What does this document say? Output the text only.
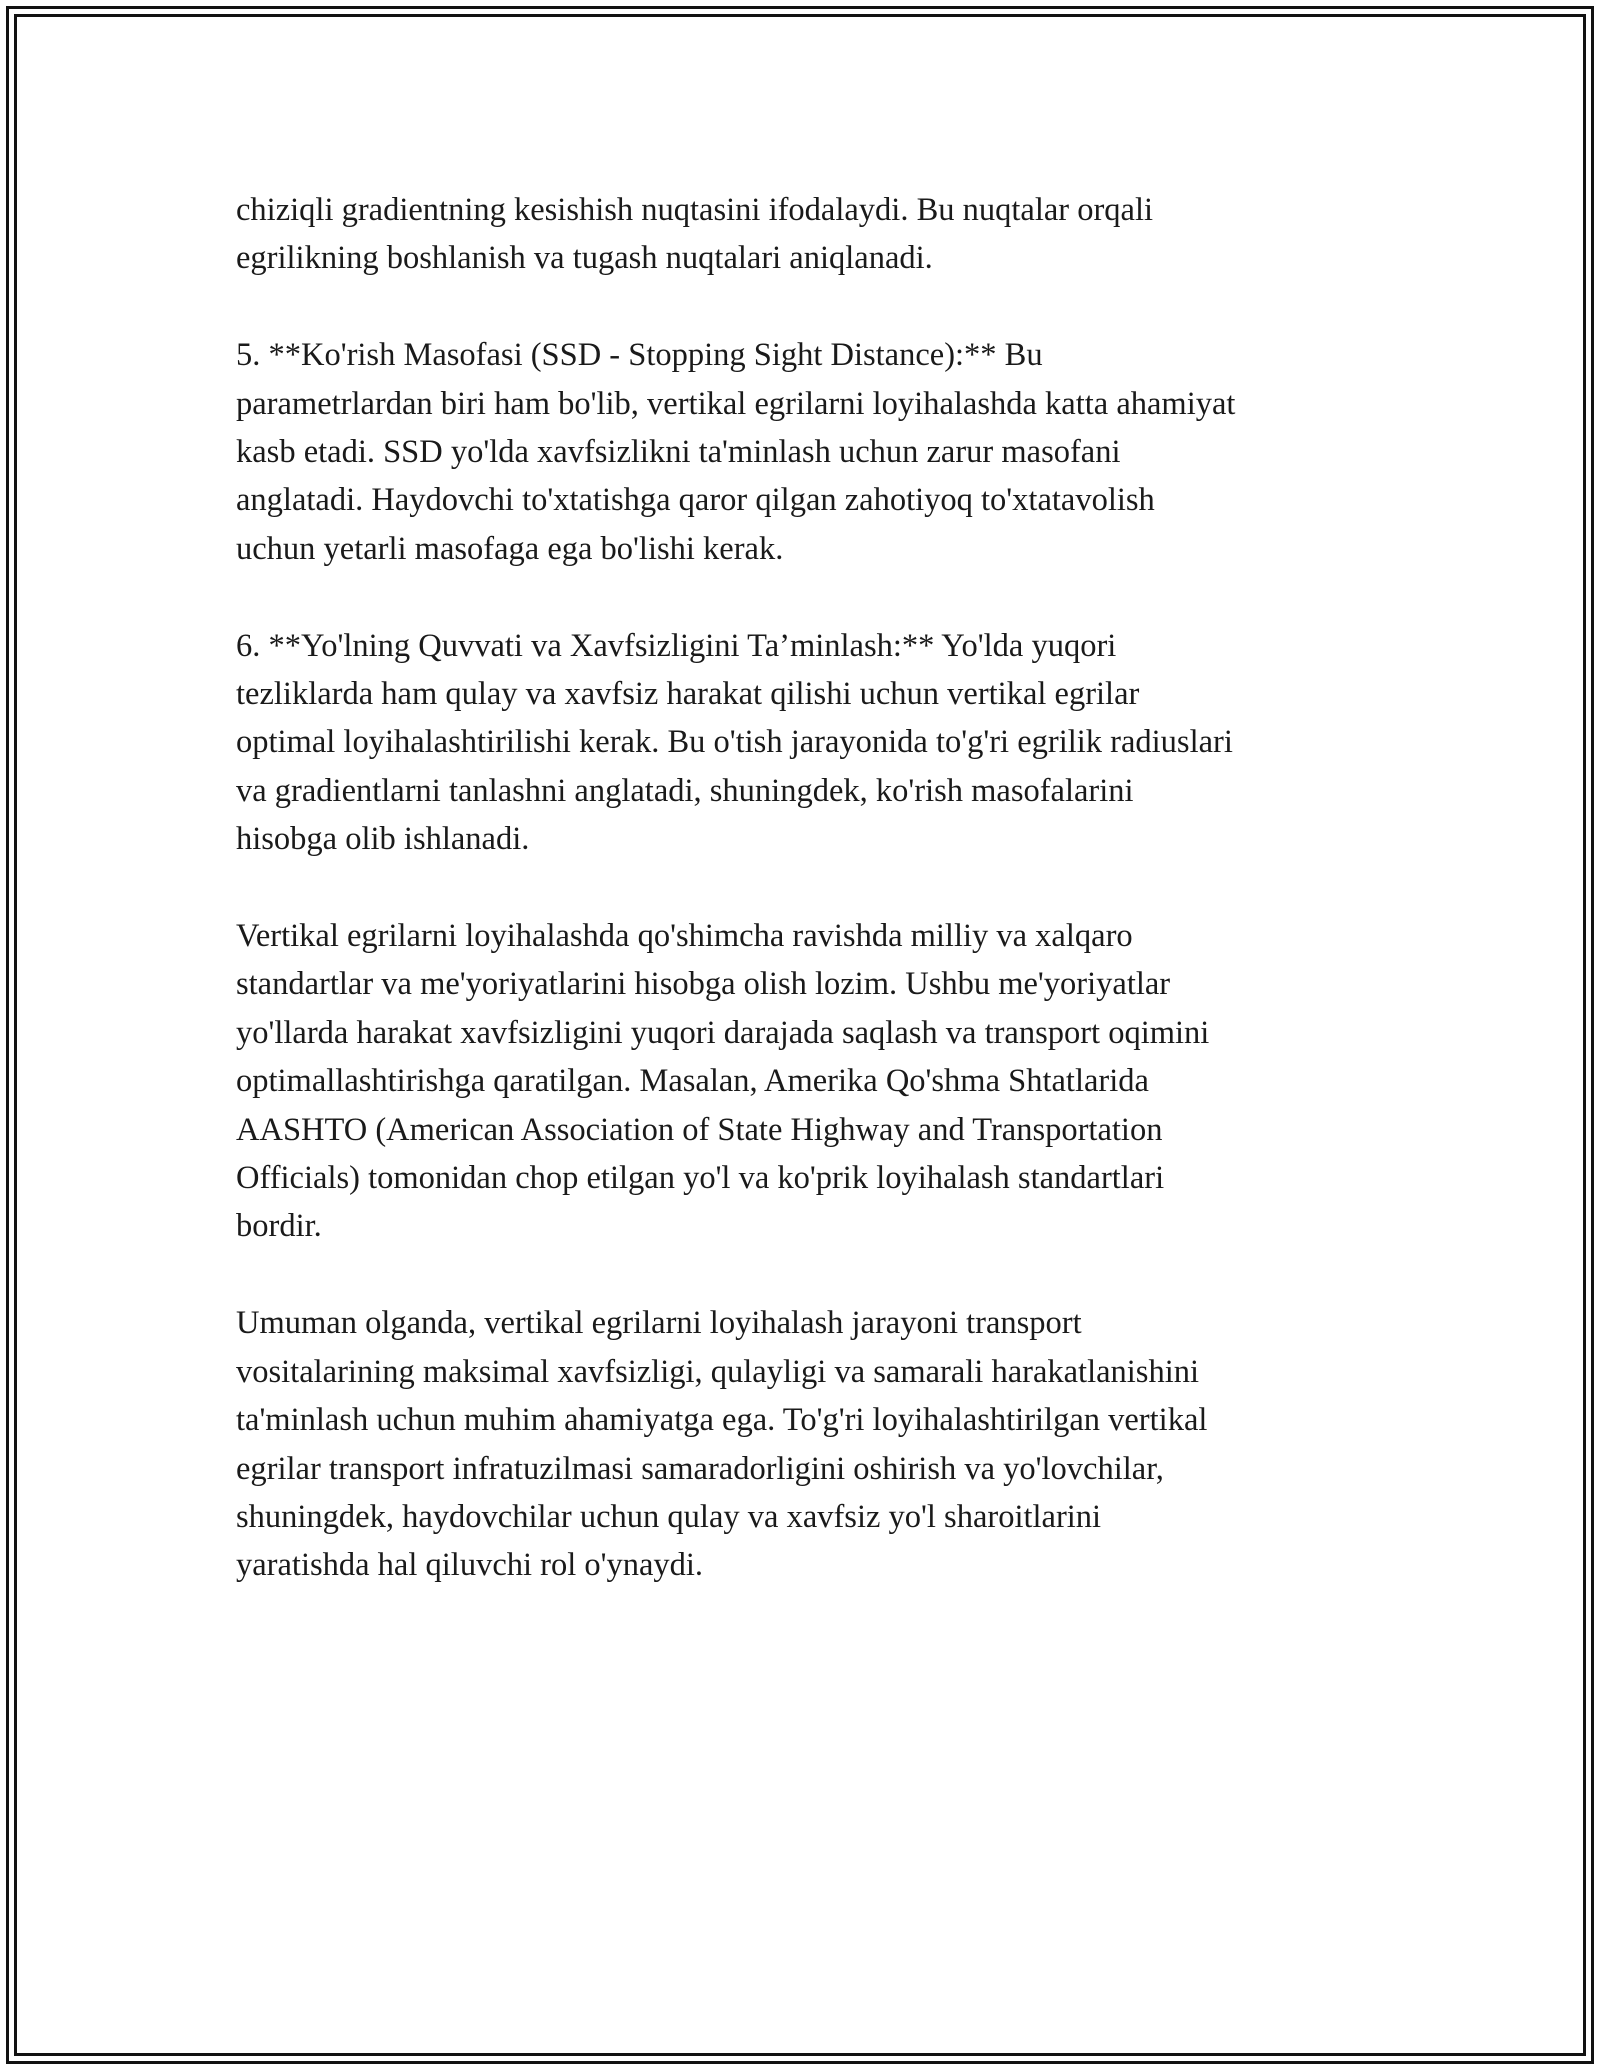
chiziqli gradientning kesishish nuqtasini ifodalaydi. Bu nuqtalar orqali
egrilikning boshlanish va tugash nuqtalari aniqlanadi.
5. **Ko'rish Masofasi (SSD - Stopping Sight Distance):** Bu
parametrlardan biri ham bo'lib, vertikal egrilarni loyihalashda katta ahamiyat
kasb etadi. SSD yo'lda xavfsizlikni ta'minlash uchun zarur masofani
anglatadi. Haydovchi to'xtatishga qaror qilgan zahotiyoq to'xtatavolish
uchun yetarli masofaga ega bo'lishi kerak.
6. **Yo'lning Quvvati va Xavfsizligini Ta’minlash:** Yo'lda yuqori
tezliklarda ham qulay va xavfsiz harakat qilishi uchun vertikal egrilar
optimal loyihalashtirilishi kerak. Bu o'tish jarayonida to'g'ri egrilik radiuslari
va gradientlarni tanlashni anglatadi, shuningdek, ko'rish masofalarini
hisobga olib ishlanadi.
Vertikal egrilarni loyihalashda qo'shimcha ravishda milliy va xalqaro
standartlar va me'yoriyatlarini hisobga olish lozim. Ushbu me'yoriyatlar
yo'llarda harakat xavfsizligini yuqori darajada saqlash va transport oqimini
optimallashtirishga qaratilgan. Masalan, Amerika Qo'shma Shtatlarida
AASHTO (American Association of State Highway and Transportation
Officials) tomonidan chop etilgan yo'l va ko'prik loyihalash standartlari
bordir.
Umuman olganda, vertikal egrilarni loyihalash jarayoni transport
vositalarining maksimal xavfsizligi, qulayligi va samarali harakatlanishini
ta'minlash uchun muhim ahamiyatga ega. To'g'ri loyihalashtirilgan vertikal
egrilar transport infratuzilmasi samaradorligini oshirish va yo'lovchilar,
shuningdek, haydovchilar uchun qulay va xavfsiz yo'l sharoitlarini
yaratishda hal qiluvchi rol o'ynaydi.
